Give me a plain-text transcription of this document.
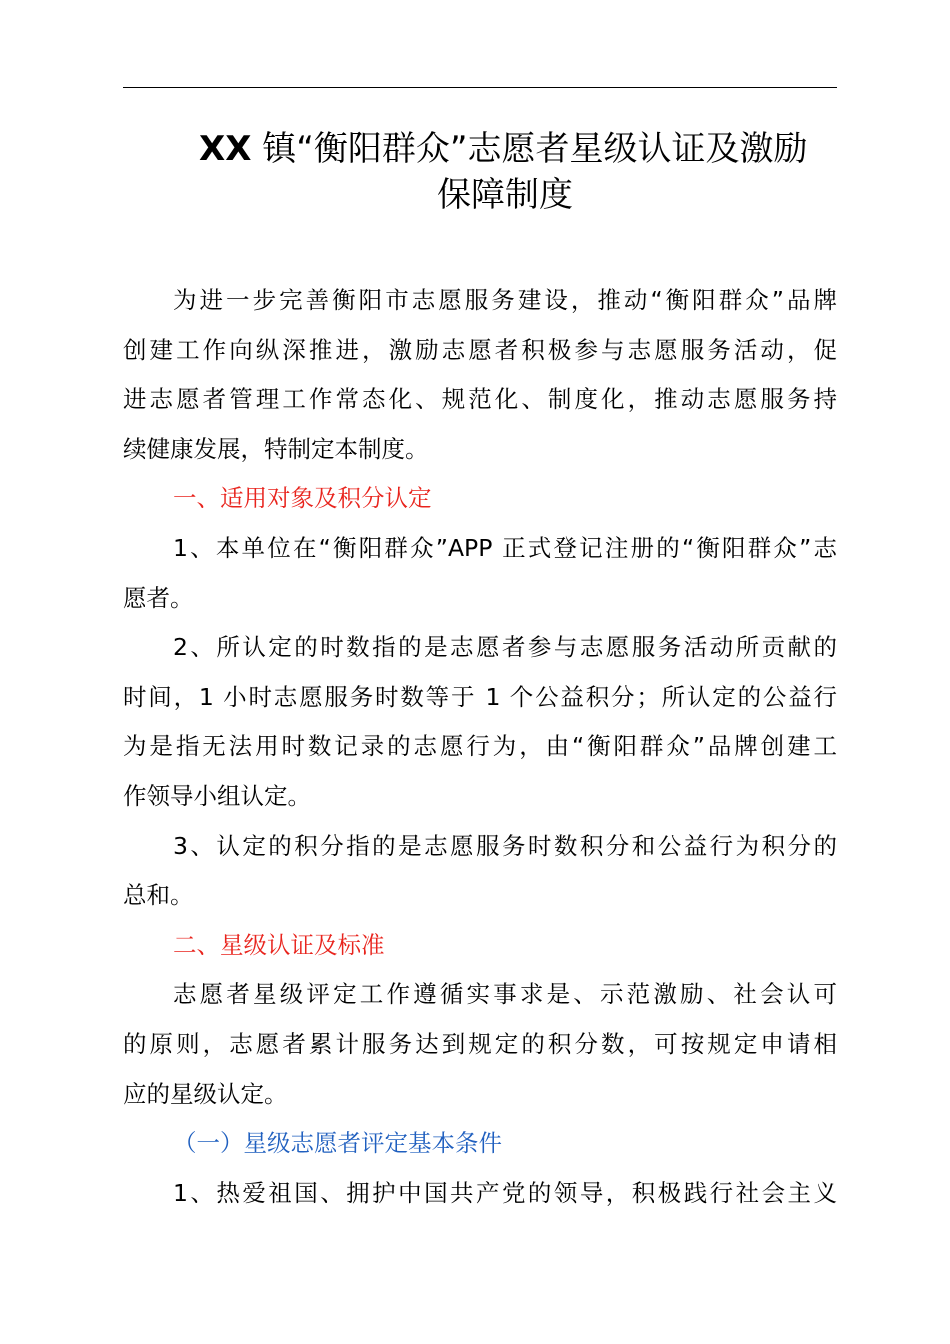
XX 镇“衡阳群众”志愿者星级认证及激励
保障制度
为进一步完善衡阳市志愿服务建设，推动“衡阳群众”品牌
创建工作向纵深推进，激励志愿者积极参与志愿服务活动，促
进志愿者管理工作常态化、规范化、制度化，推动志愿服务持
续健康发展，特制定本制度。
一、适用对象及积分认定
1、本单位在“衡阳群众”APP 正式登记注册的“衡阳群众”志
愿者。
2、所认定的时数指的是志愿者参与志愿服务活动所贡献的
时间，1 小时志愿服务时数等于 1 个公益积分；所认定的公益行
为是指无法用时数记录的志愿行为，由“衡阳群众”品牌创建工
作领导小组认定。
3、认定的积分指的是志愿服务时数积分和公益行为积分的
总和。
二、星级认证及标准
志愿者星级评定工作遵循实事求是、示范激励、社会认可
的原则，志愿者累计服务达到规定的积分数，可按规定申请相
应的星级认定。
（一）星级志愿者评定基本条件
1、热爱祖国、拥护中国共产党的领导，积极践行社会主义
